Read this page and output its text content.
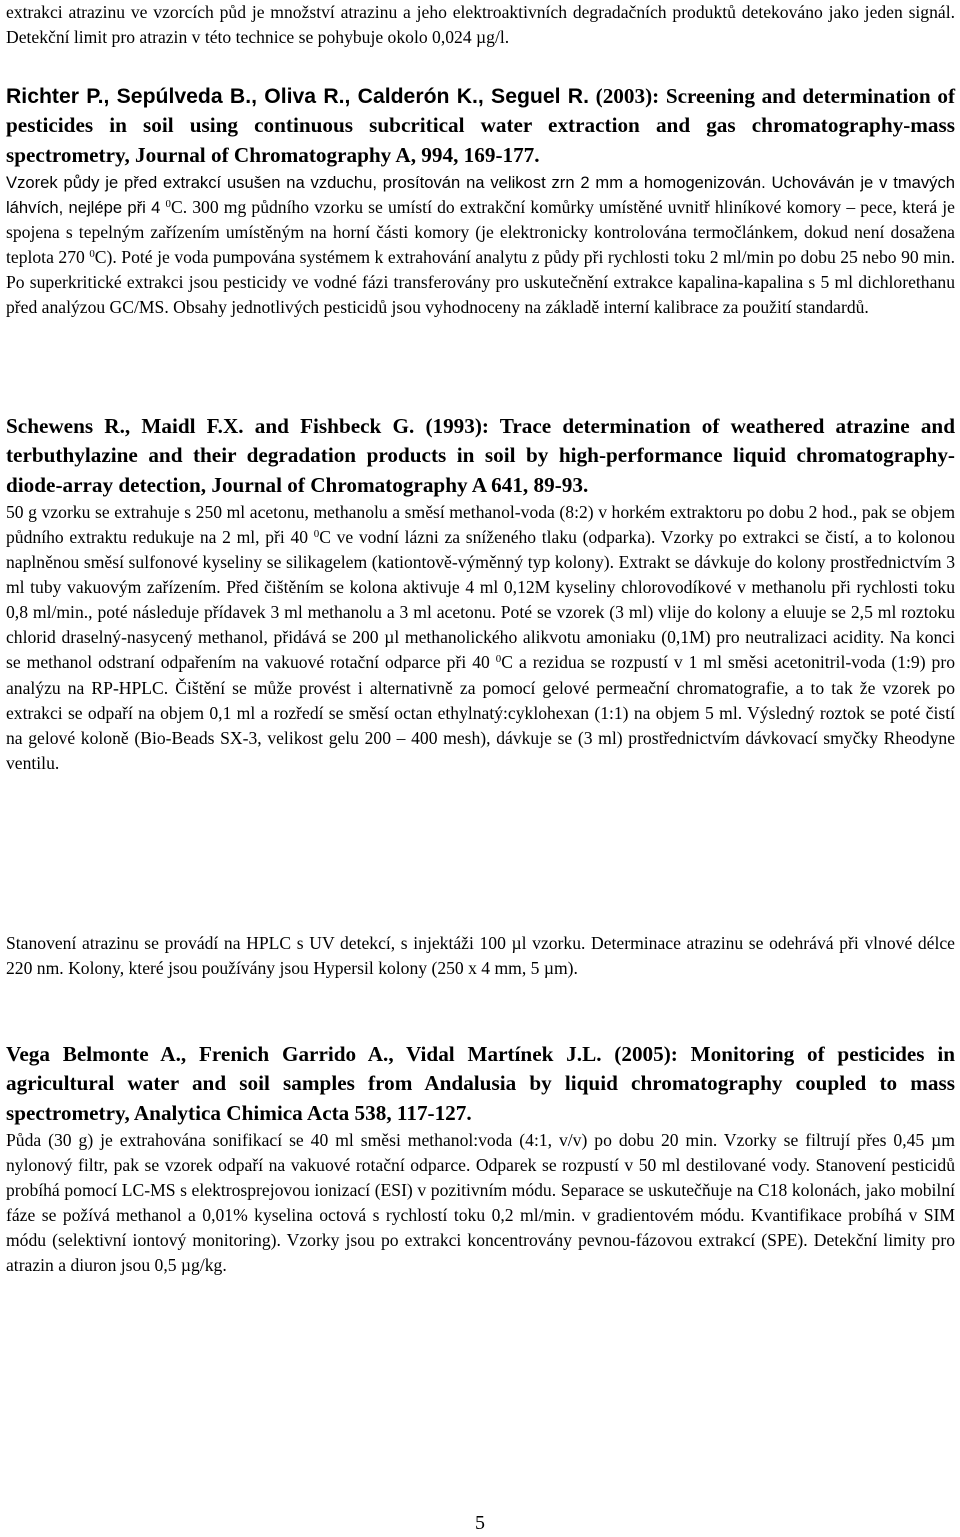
extrakci atrazinu ve vzorcích půd je množství atrazinu a jeho elektroaktivních degradačních produktů detekováno jako jeden signál. Detekční limit pro atrazin v této technice se pohybuje okolo 0,024 µg/l.

Richter P., Sepúlveda B., Oliva R., Calderón K., Seguel R. (2003): Screening and determination of pesticides in soil using continuous subcritical water extraction and gas chromatography-mass spectrometry, Journal of Chromatography A, 994, 169-177.

Vzorek půdy je před extrakcí usušen na vzduchu, prosítován na velikost zrn 2 mm a homogenizován. Uchováván je v tmavých láhvích, nejlépe při 4 $^0$C. 300 mg půdního vzorku se umístí do extrakční komůrky umístěné uvnitř hliníkové komory – pece, která je spojena s tepelným zařízením umístěným na horní části komory (je elektronicky kontrolována termočlánkem, dokud není dosažena teplota 270 $^0$C). Poté je voda pumpována systémem k extrahování analytu z půdy při rychlosti toku 2 ml/min po dobu 25 nebo 90 min. Po superkritické extrakci jsou pesticidy ve vodné fázi transferovány pro uskutečnění extrakce kapalina-kapalina s 5 ml dichlorethanu před analýzou GC/MS. Obsahy jednotlivých pesticidů jsou vyhodnoceny na základě interní kalibrace za použití standardů.

Schewens R., Maidl F.X. and Fishbeck G. (1993): Trace determination of weathered atrazine and terbuthylazine and their degradation products in soil by high-performance liquid chromatography-diode-array detection, Journal of Chromatography A 641, 89-93.

50 g vzorku se extrahuje s 250 ml acetonu, methanolu a směsí methanol-voda (8:2) v horkém extraktoru po dobu 2 hod., pak se objem půdního extraktu redukuje na 2 ml, při 40 $^0$C ve vodní lázni za sníženého tlaku (odparka). Vzorky po extrakci se čistí, a to kolonou naplněnou směsí sulfonové kyseliny se silikagelem (kationtově-výměnný typ kolony). Extrakt se dávkuje do kolony prostřednictvím 3 ml tuby vakuovým zařízením. Před čištěním se kolona aktivuje 4 ml 0,12M kyseliny chlorovodíkové v methanolu při rychlosti toku 0,8 ml/min., poté následuje přídavek 3 ml methanolu a 3 ml acetonu. Poté se vzorek (3 ml) vlije do kolony a eluuje se 2,5 ml roztoku chlorid draselný-nasycený methanol, přidává se 200 µl methanolického alikvotu amoniaku (0,1M) pro neutralizaci acidity. Na konci se methanol odstraní odpařením na vakuové rotační odparce při 40 $^0$C a rezidua se rozpustí v 1 ml směsi acetonitril-voda (1:9) pro analýzu na RP-HPLC. Čištění se může provést i alternativně za pomocí gelové permeační chromatografie, a to tak že vzorek po extrakci se odpaří na objem 0,1 ml a rozředí se směsí octan ethylnatý:cyklohexan (1:1) na objem 5 ml. Výsledný roztok se poté čistí na gelové koloně (Bio-Beads SX-3, velikost gelu 200 – 400 mesh), dávkuje se (3 ml) prostřednictvím dávkovací smyčky Rheodyne ventilu.

Stanovení atrazinu se provádí na HPLC s UV detekcí, s injektáži 100 µl vzorku. Determinace atrazinu se odehrává při vlnové délce 220 nm. Kolony, které jsou používány jsou Hypersil kolony (250 x 4 mm, 5 µm).

Vega Belmonte A., Frenich Garrido A., Vidal Martínek J.L. (2005): Monitoring of pesticides in agricultural water and soil samples from Andalusia by liquid chromatography coupled to mass spectrometry, Analytica Chimica Acta 538, 117-127.

Půda (30 g) je extrahována sonifikací se 40 ml směsi methanol:voda (4:1, v/v) po dobu 20 min. Vzorky se filtrují přes 0,45 µm nylonový filtr, pak se vzorek odpaří na vakuové rotační odparce. Odparek se rozpustí v 50 ml destilované vody. Stanovení pesticidů probíhá pomocí LC-MS s elektrosprejovou ionizací (ESI) v pozitivním módu. Separace se uskutečňuje na C18 kolonách, jako mobilní fáze se požívá methanol a 0,01% kyselina octová s rychlostí toku 0,2 ml/min. v gradientovém módu. Kvantifikace probíhá v SIM módu (selektivní iontový monitoring). Vzorky jsou po extrakci koncentrovány pevnou-fázovou extrakcí (SPE). Detekční limity pro atrazin a diuron jsou 0,5 µg/kg.

5
